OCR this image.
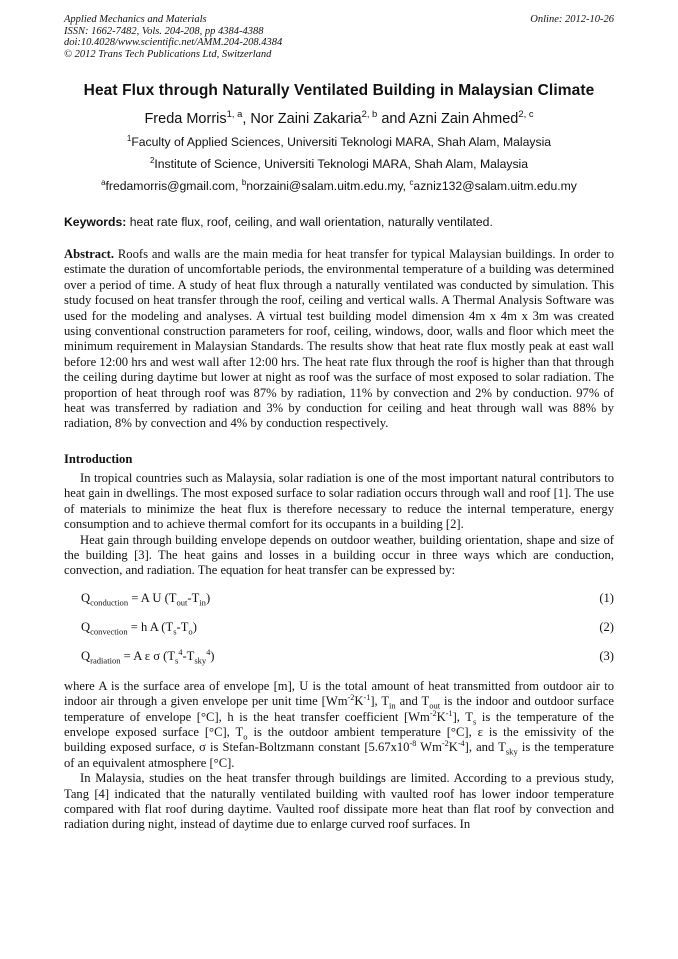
Applied Mechanics and Materials
ISSN: 1662-7482, Vols. 204-208, pp 4384-4388
doi:10.4028/www.scientific.net/AMM.204-208.4384
© 2012 Trans Tech Publications Ltd, Switzerland
Online: 2012-10-26
Heat Flux through Naturally Ventilated Building in Malaysian Climate
Freda Morris$^{1, a}$, Nor Zaini Zakaria$^{2, b}$ and Azni Zain Ahmed$^{2, c}$
$^1$Faculty of Applied Sciences, Universiti Teknologi MARA, Shah Alam, Malaysia
$^2$Institute of Science, Universiti Teknologi MARA, Shah Alam, Malaysia
$^a$fredamorris@gmail.com, $^b$norzaini@salam.uitm.edu.my, $^c$azniz132@salam.uitm.edu.my
Keywords: heat rate flux, roof, ceiling, and wall orientation, naturally ventilated.
Abstract. Roofs and walls are the main media for heat transfer for typical Malaysian buildings. In order to estimate the duration of uncomfortable periods, the environmental temperature of a building was determined over a period of time. A study of heat flux through a naturally ventilated was conducted by simulation. This study focused on heat transfer through the roof, ceiling and vertical walls. A Thermal Analysis Software was used for the modeling and analyses. A virtual test building model dimension 4m x 4m x 3m was created using conventional construction parameters for roof, ceiling, windows, door, walls and floor which meet the minimum requirement in Malaysian Standards. The results show that heat rate flux mostly peak at east wall before 12:00 hrs and west wall after 12:00 hrs. The heat rate flux through the roof is higher than that through the ceiling during daytime but lower at night as roof was the surface of most exposed to solar radiation. The proportion of heat through roof was 87% by radiation, 11% by convection and 2% by conduction. 97% of heat was transferred by radiation and 3% by conduction for ceiling and heat through wall was 88% by radiation, 8% by convection and 4% by conduction respectively.
Introduction

In tropical countries such as Malaysia, solar radiation is one of the most important natural contributors to heat gain in dwellings. The most exposed surface to solar radiation occurs through wall and roof [1]. The use of materials to minimize the heat flux is therefore necessary to reduce the internal temperature, energy consumption and to achieve thermal comfort for its occupants in a building [2].

Heat gain through building envelope depends on outdoor weather, building orientation, shape and size of the building [3]. The heat gains and losses in a building occur in three ways which are conduction, convection, and radiation. The equation for heat transfer can be expressed by:

$Q_{conduction} = A$ U $(T_{out}-T_{in})$	(1)
$Q_{convection} = h$ A $(T_s-T_o)$	(2)
$Q_{radiation} = A$ ε σ $(T_s^4-T_{sky}^4)$	(3)

where A is the surface area of envelope [m], U is the total amount of heat transmitted from outdoor air to indoor air through a given envelope per unit time $[Wm^{-2}K^{-1}]$, $T_{in}$ and $T_{out}$ is the indoor and outdoor surface temperature of envelope [°C], h is the heat transfer coefficient $[Wm^{-2}K^{-1}]$, $T_s$ is the temperature of the envelope exposed surface [°C], $T_o$ is the outdoor ambient temperature [°C], ε is the emissivity of the building exposed surface, σ is Stefan-Boltzmann constant [$5.67x10^{-8}$ $Wm^{-2}K^{-4}$], and $T_{sky}$ is the temperature of an equivalent atmosphere [°C].

In Malaysia, studies on the heat transfer through buildings are limited. According to a previous study, Tang [4] indicated that the naturally ventilated building with vaulted roof has lower indoor temperature compared with flat roof during daytime. Vaulted roof dissipate more heat than flat roof by convection and radiation during night, instead of daytime due to enlarge curved roof surfaces. In
